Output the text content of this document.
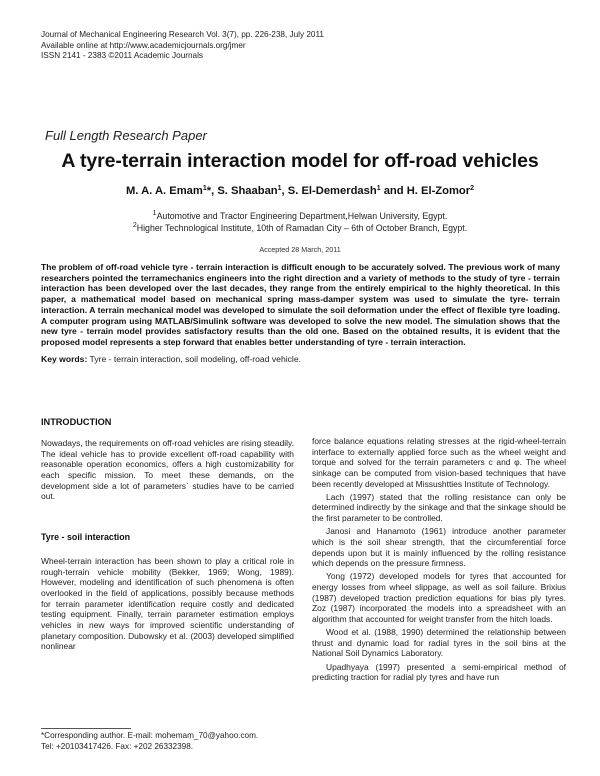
Journal of Mechanical Engineering Research Vol. 3(7), pp. 226-238, July 2011
Available online at http://www.academicjournals.org/jmer
ISSN 2141 - 2383 ©2011 Academic Journals
Full Length Research Paper
A tyre-terrain interaction model for off-road vehicles
M. A. A. Emam$^1$*, S. Shaaban$^1$, S. El-Demerdash$^1$ and H. El-Zomor$^2$
$^1$Automotive and Tractor Engineering Department,Helwan University, Egypt.
$^2$Higher Technological Institute, 10th of Ramadan City – 6th of October Branch, Egypt.
Accepted 28 March, 2011
The problem of off-road vehicle tyre - terrain interaction is difficult enough to be accurately solved. The previous work of many researchers pointed the terramechanics engineers into the right direction and a variety of methods to the study of tyre - terrain interaction has been developed over the last decades, they range from the entirely empirical to the highly theoretical. In this paper, a mathematical model based on mechanical spring mass-damper system was used to simulate the tyre- terrain interaction. A terrain mechanical model was developed to simulate the soil deformation under the effect of flexible tyre loading. A computer program using MATLAB/Simulink software was developed to solve the new model. The simulation shows that the new tyre - terrain model provides satisfactory results than the old one. Based on the obtained results, it is evident that the proposed model represents a step forward that enables better understanding of tyre - terrain interaction.
Key words: Tyre - terrain interaction, soil modeling, off-road vehicle.
INTRODUCTION

Nowadays, the requirements on off-road vehicles are rising steadily. The ideal vehicle has to provide excellent off-road capability with reasonable operation economics, offers a high customizability for each specific mission. To meet these demands, on the development side a lot of parameters` studies have to be carried out.

Tyre - soil interaction

Wheel-terrain interaction has been shown to play a critical role in rough-terrain vehicle mobility (Bekker, 1969; Wong, 1989). However, modeling and identification of such phenomena is often overlooked in the field of applications, possibly because methods for terrain parameter identification require costly and dedicated testing equipment. Finally, terrain parameter estimation employs vehicles in new ways for improved scientific understanding of planetary composition. Dubowsky et al. (2003) developed simplified nonlinear

force balance equations relating stresses at the rigid-wheel-terrain interface to externally applied force such as the wheel weight and torque and solved for the terrain parameters c and φ. The wheel sinkage can be computed from vision-based techniques that have been recently developed at Missushtties Institute of Technology.

Lach (1997) stated that the rolling resistance can only be determined indirectly by the sinkage and that the sinkage should be the first parameter to be controlled.

Janosi and Hanamoto (1961) introduce another parameter which is the soil shear strength, that the circumferential force depends upon but it is mainly influenced by the rolling resistance which depends on the pressure firmness.

Yong (1972) developed models for tyres that accounted for energy losses from wheel slippage, as well as soil failure. Brixius (1987) developed traction prediction equations for bias ply tyres. Zoz (1987) incorporated the models into a spreadsheet with an algorithm that accounted for weight transfer from the hitch loads.

Wood et al. (1988, 1990) determined the relationship between thrust and dynamic load for radial tyres in the soil bins at the National Soil Dynamics Laboratory.

Upadhyaya (1997) presented a semi-empirical method of predicting traction for radial ply tyres and have run

*Corresponding author. E-mail: mohemam_70@yahoo.com.
Tel: +20103417426. Fax: +202 26332398.
